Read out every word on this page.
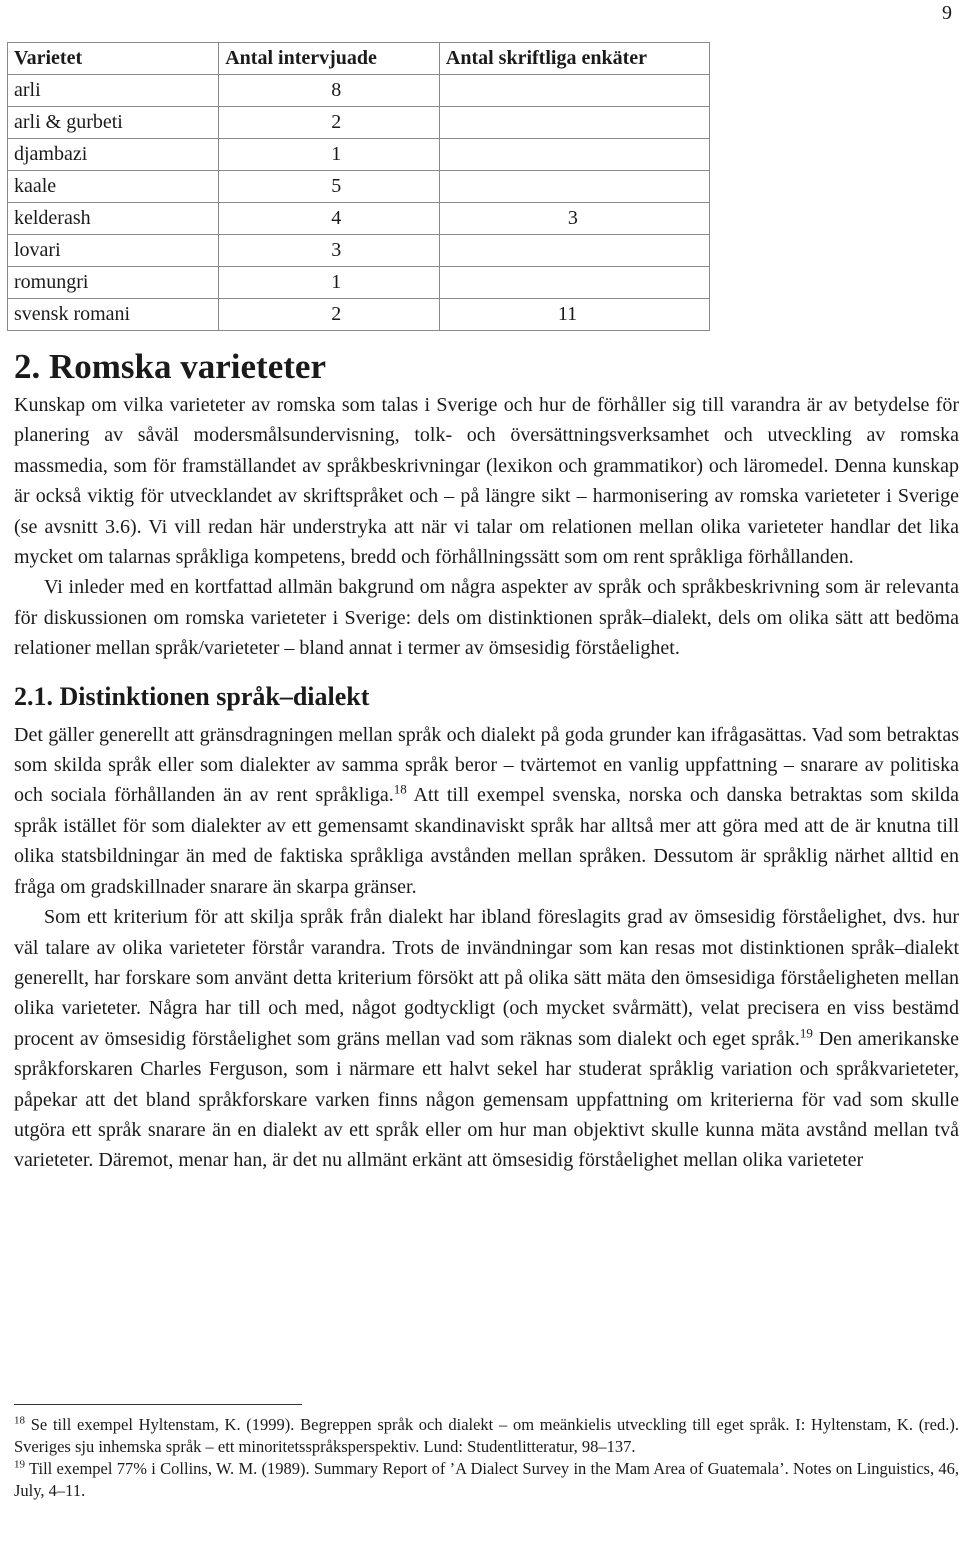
9
Varietet	Antal intervjuade	Antal skriftliga enkäter
arli	8	
arli & gurbeti	2	
djambazi	1	
kaale	5	
kelderash	4	3
lovari	3	
romungri	1	
svensk romani	2	11
2. Romska varieteter

Kunskap om vilka varieteter av romska som talas i Sverige och hur de förhåller sig till varandra är av betydelse för planering av såväl modersmålsundervisning, tolk- och översättningsverksamhet och utveckling av romska massmedia, som för framställandet av språkbeskrivningar (lexikon och grammatikor) och läromedel. Denna kunskap är också viktig för utvecklandet av skriftspråket och – på längre sikt – harmonisering av romska varieteter i Sverige (se avsnitt 3.6). Vi vill redan här understryka att när vi talar om relationen mellan olika varieteter handlar det lika mycket om talarnas språkliga kompetens, bredd och förhållningssätt som om rent språkliga förhållanden.

Vi inleder med en kortfattad allmän bakgrund om några aspekter av språk och språkbeskrivning som är relevanta för diskussionen om romska varieteter i Sverige: dels om distinktionen språk–dialekt, dels om olika sätt att bedöma relationer mellan språk/varieteter – bland annat i termer av ömsesidig förståelighet.

2.1. Distinktionen språk–dialekt

Det gäller generellt att gränsdragningen mellan språk och dialekt på goda grunder kan ifrågasättas. Vad som betraktas som skilda språk eller som dialekter av samma språk beror – tvärtemot en vanlig uppfattning – snarare av politiska och sociala förhållanden än av rent språkliga.$^{18}$ Att till exempel svenska, norska och danska betraktas som skilda språk istället för som dialekter av ett gemensamt skandinaviskt språk har alltså mer att göra med att de är knutna till olika statsbildningar än med de faktiska språkliga avstånden mellan språken. Dessutom är språklig närhet alltid en fråga om gradskillnader snarare än skarpa gränser.

Som ett kriterium för att skilja språk från dialekt har ibland föreslagits grad av ömsesidig förståelighet, dvs. hur väl talare av olika varieteter förstår varandra. Trots de invändningar som kan resas mot distinktionen språk–dialekt generellt, har forskare som använt detta kriterium försökt att på olika sätt mäta den ömsesidiga förståeligheten mellan olika varieteter. Några har till och med, något godtyckligt (och mycket svårmätt), velat precisera en viss bestämd procent av ömsesidig förståelighet som gräns mellan vad som räknas som dialekt och eget språk.$^{19}$ Den amerikanske språkforskaren Charles Ferguson, som i närmare ett halvt sekel har studerat språklig variation och språkvarieteter, påpekar att det bland språkforskare varken finns någon gemensam uppfattning om kriterierna för vad som skulle utgöra ett språk snarare än en dialekt av ett språk eller om hur man objektivt skulle kunna mäta avstånd mellan två varieteter. Däremot, menar han, är det nu allmänt erkänt att ömsesidig förståelighet mellan olika varieteter

$^{18}$ Se till exempel Hyltenstam, K. (1999). Begreppen språk och dialekt – om meänkielis utveckling till eget språk. I: Hyltenstam, K. (red.). Sveriges sju inhemska språk – ett minoritetsspråksperspektiv. Lund: Studentlitteratur, 98–137.

$^{19}$ Till exempel 77% i Collins, W. M. (1989). Summary Report of ’A Dialect Survey in the Mam Area of Guatemala’. Notes on Linguistics, 46, July, 4–11.
